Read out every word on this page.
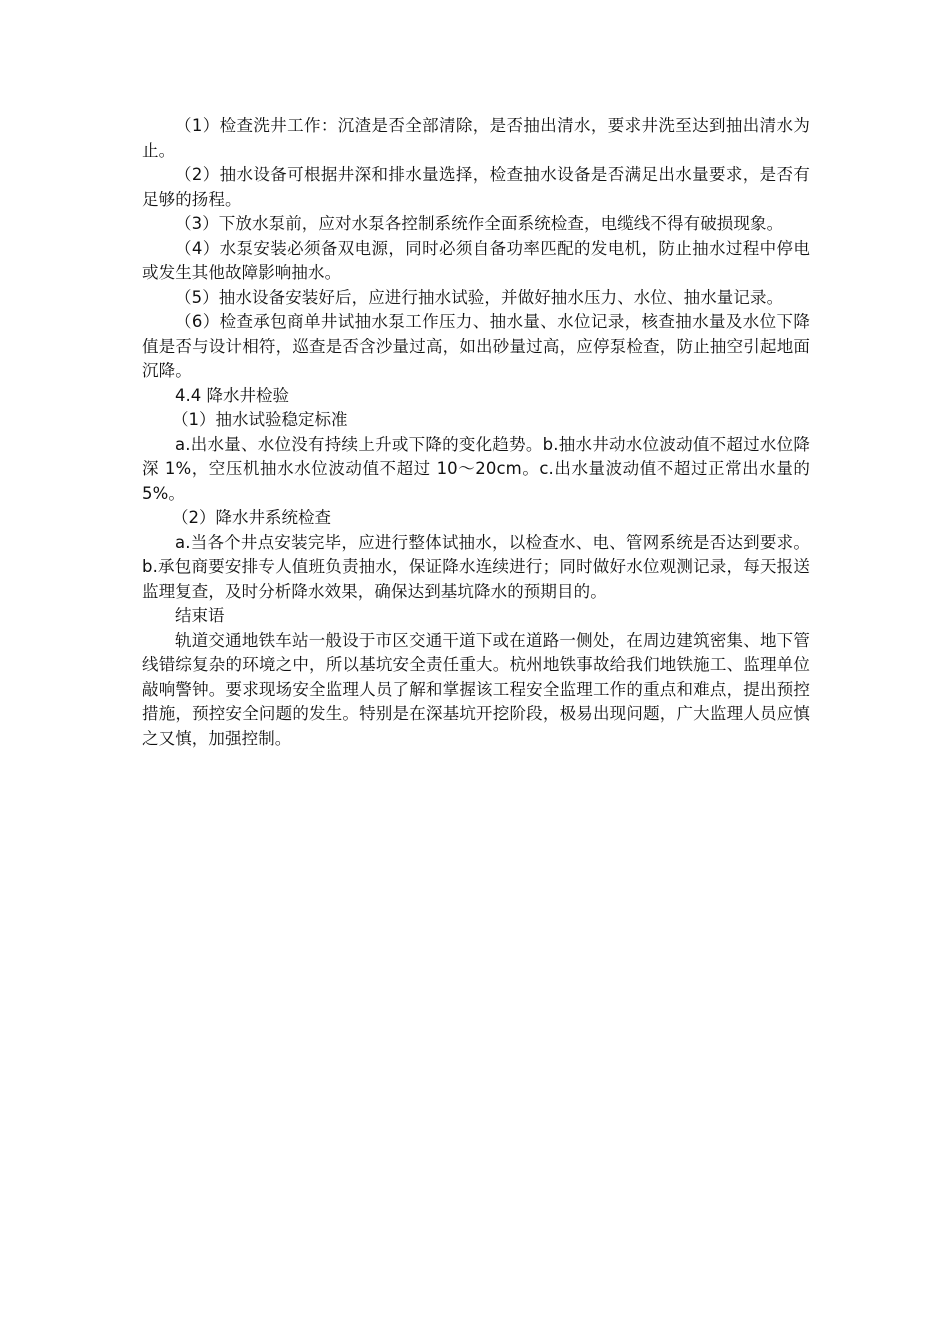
（1）检查洗井工作：沉渣是否全部清除，是否抽出清水，要求井洗至达到抽出清水为止。

（2）抽水设备可根据井深和排水量选择，检查抽水设备是否满足出水量要求，是否有足够的扬程。

（3）下放水泵前，应对水泵各控制系统作全面系统检查，电缆线不得有破损现象。

（4）水泵安装必须备双电源，同时必须自备功率匹配的发电机，防止抽水过程中停电或发生其他故障影响抽水。

（5）抽水设备安装好后，应进行抽水试验，并做好抽水压力、水位、抽水量记录。

（6）检查承包商单井试抽水泵工作压力、抽水量、水位记录，核查抽水量及水位下降值是否与设计相符，巡查是否含沙量过高，如出砂量过高，应停泵检查，防止抽空引起地面沉降。

4.4 降水井检验

（1）抽水试验稳定标准

a.出水量、水位没有持续上升或下降的变化趋势。b.抽水井动水位波动值不超过水位降深 1%，空压机抽水水位波动值不超过 10～20cm。c.出水量波动值不超过正常出水量的 5%。

（2）降水井系统检查

a.当各个井点安装完毕，应进行整体试抽水，以检查水、电、管网系统是否达到要求。b.承包商要安排专人值班负责抽水，保证降水连续进行；同时做好水位观测记录，每天报送监理复查，及时分析降水效果，确保达到基坑降水的预期目的。

结束语

轨道交通地铁车站一般设于市区交通干道下或在道路一侧处，在周边建筑密集、地下管线错综复杂的环境之中，所以基坑安全责任重大。杭州地铁事故给我们地铁施工、监理单位敲响警钟。要求现场安全监理人员了解和掌握该工程安全监理工作的重点和难点，提出预控措施，预控安全问题的发生。特别是在深基坑开挖阶段，极易出现问题，广大监理人员应慎之又慎，加强控制。
